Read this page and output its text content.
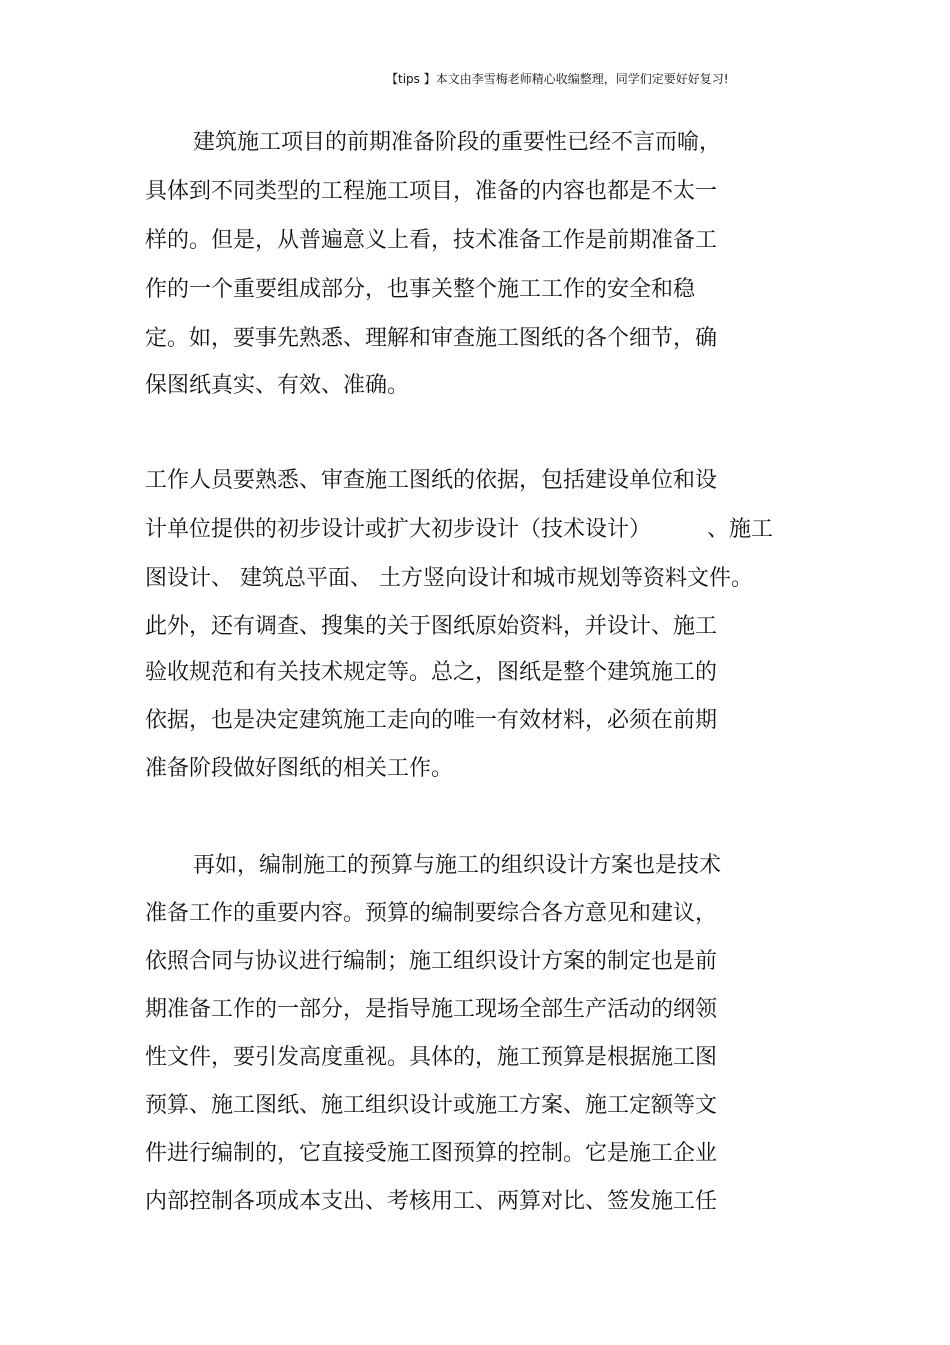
【tips 】本文由李雪梅老师精心收编整理，同学们定要好好复习!
建筑施工项目的前期准备阶段的重要性已经不言而喻，
具体到不同类型的工程施工项目，准备的内容也都是不太一
样的。但是，从普遍意义上看，技术准备工作是前期准备工
作的一个重要组成部分，也事关整个施工工作的安全和稳
定。如，要事先熟悉、理解和审查施工图纸的各个细节，确
保图纸真实、有效、准确。
工作人员要熟悉、审查施工图纸的依据，包括建设单位和设
计单位提供的初步设计或扩大初步设计（技术设计）        、施工
图设计、 建筑总平面、 土方竖向设计和城市规划等资料文件。
此外，还有调查、搜集的关于图纸原始资料，并设计、施工
验收规范和有关技术规定等。总之，图纸是整个建筑施工的
依据，也是决定建筑施工走向的唯一有效材料，必须在前期
准备阶段做好图纸的相关工作。
再如，编制施工的预算与施工的组织设计方案也是技术
准备工作的重要内容。预算的编制要综合各方意见和建议，
依照合同与协议进行编制；施工组织设计方案的制定也是前
期准备工作的一部分，是指导施工现场全部生产活动的纲领
性文件，要引发高度重视。具体的，施工预算是根据施工图
预算、施工图纸、施工组织设计或施工方案、施工定额等文
件进行编制的，它直接受施工图预算的控制。它是施工企业
内部控制各项成本支出、考核用工、两算对比、签发施工任
